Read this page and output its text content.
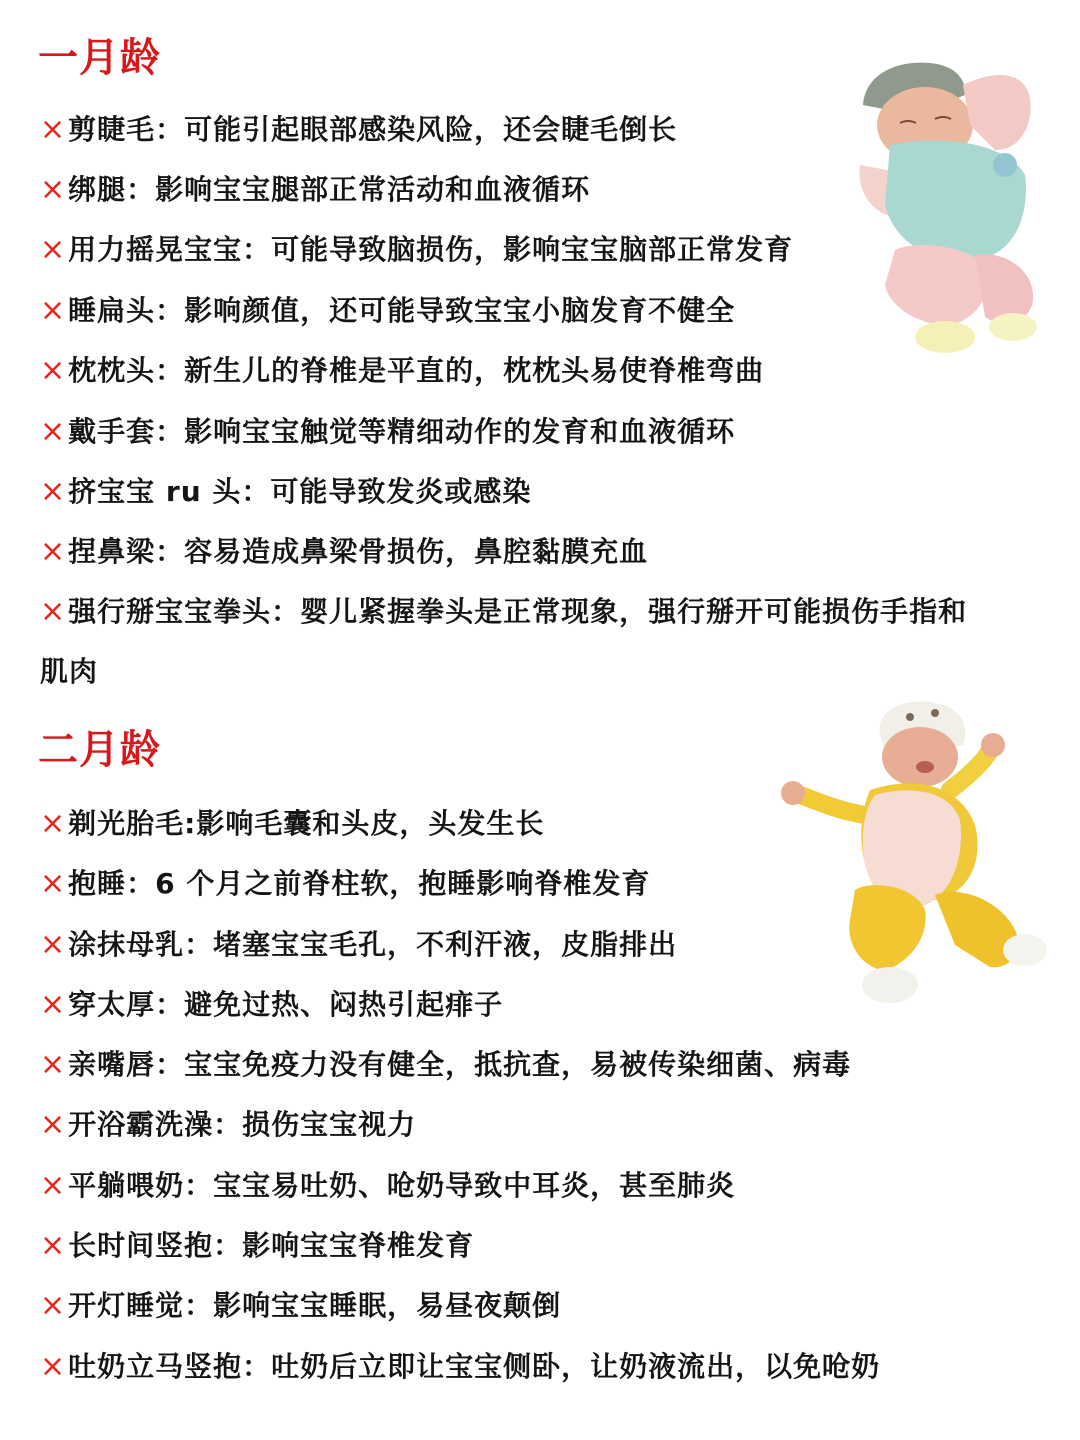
一月龄
×剪睫毛：可能引起眼部感染风险，还会睫毛倒长
×绑腿：影响宝宝腿部正常活动和血液循环
×用力摇晃宝宝：可能导致脑损伤，影响宝宝脑部正常发育
×睡扁头：影响颜值，还可能导致宝宝小脑发育不健全
×枕枕头：新生儿的脊椎是平直的，枕枕头易使脊椎弯曲
×戴手套：影响宝宝触觉等精细动作的发育和血液循环
×挤宝宝 ru 头：可能导致发炎或感染
×捏鼻梁：容易造成鼻梁骨损伤，鼻腔黏膜充血
×强行掰宝宝拳头：婴儿紧握拳头是正常现象，强行掰开可能损伤手指和肌肉
二月龄
×剃光胎毛:影响毛囊和头皮，头发生长
×抱睡：6 个月之前脊柱软，抱睡影响脊椎发育
×涂抹母乳：堵塞宝宝毛孔，不利汗液，皮脂排出
×穿太厚：避免过热、闷热引起痱子
×亲嘴唇：宝宝免疫力没有健全，抵抗查，易被传染细菌、病毒
×开浴霸洗澡：损伤宝宝视力
×平躺喂奶：宝宝易吐奶、呛奶导致中耳炎，甚至肺炎
×长时间竖抱：影响宝宝脊椎发育
×开灯睡觉：影响宝宝睡眠，易昼夜颠倒
×吐奶立马竖抱：吐奶后立即让宝宝侧卧，让奶液流出，以免呛奶
